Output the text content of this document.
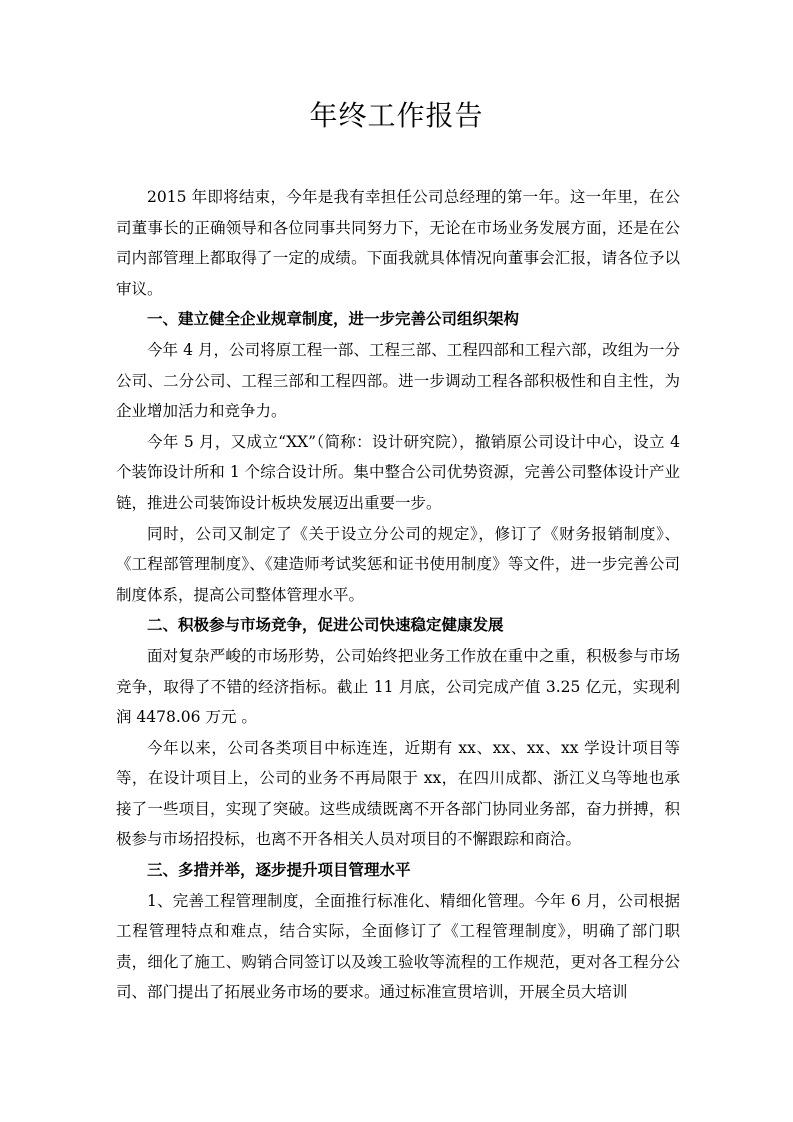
年终工作报告

2015 年即将结束，今年是我有幸担任公司总经理的第一年。这一年里，在公司董事长的正确领导和各位同事共同努力下，无论在市场业务发展方面，还是在公司内部管理上都取得了一定的成绩。下面我就具体情况向董事会汇报，请各位予以审议。

一、建立健全企业规章制度，进一步完善公司组织架构

今年 4 月，公司将原工程一部、工程三部、工程四部和工程六部，改组为一分公司、二分公司、工程三部和工程四部。进一步调动工程各部积极性和自主性，为企业增加活力和竞争力。

今年 5 月，又成立“XX”（简称：设计研究院），撤销原公司设计中心，设立 4 个装饰设计所和 1 个综合设计所。集中整合公司优势资源，完善公司整体设计产业链，推进公司装饰设计板块发展迈出重要一步。

同时，公司又制定了《关于设立分公司的规定》，修订了《财务报销制度》、《工程部管理制度》、《建造师考试奖惩和证书使用制度》等文件，进一步完善公司制度体系，提高公司整体管理水平。

二、积极参与市场竞争，促进公司快速稳定健康发展

面对复杂严峻的市场形势，公司始终把业务工作放在重中之重，积极参与市场竞争，取得了不错的经济指标。截止 11 月底，公司完成产值 3.25 亿元，实现利润 4478.06 万元 。

今年以来，公司各类项目中标连连，近期有 xx、xx、xx、xx 学设计项目等等，在设计项目上，公司的业务不再局限于 xx，在四川成都、浙江义乌等地也承接了一些项目，实现了突破。这些成绩既离不开各部门协同业务部，奋力拼搏，积极参与市场招投标，也离不开各相关人员对项目的不懈跟踪和商洽。

三、多措并举，逐步提升项目管理水平

1、完善工程管理制度，全面推行标准化、精细化管理。今年 6 月，公司根据工程管理特点和难点，结合实际，全面修订了《工程管理制度》，明确了部门职责，细化了施工、购销合同签订以及竣工验收等流程的工作规范，更对各工程分公司、部门提出了拓展业务市场的要求。通过标准宣贯培训，开展全员大培训
